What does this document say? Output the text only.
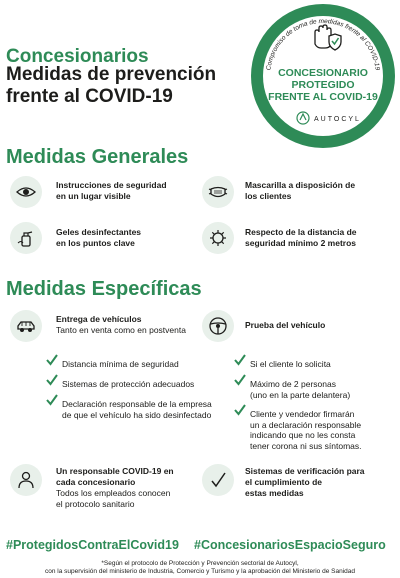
Concesionarios
Medidas de prevención
frente al COVID-19
Compromiso de toma de medidas frente al COVID-19
CONCESIONARIO
PROTEGIDO
FRENTE AL COVID-19
AUTOCYL
Medidas Generales
Instrucciones de seguridad
en un lugar visible
Mascarilla a disposición de
los clientes
Geles desinfectantes
en los puntos clave
Respecto de la distancia de
seguridad mínimo 2 metros
Medidas Específicas
Entrega de vehículos
Tanto en venta como en postventa	Prueba del vehículo
Distancia mínima de seguridad
Sistemas de protección adecuados
Declaración responsable de la empresa
de que el vehículo ha sido desinfectado
Si el cliente lo solicita
Máximo de 2 personas
(uno en la parte delantera)
Cliente y vendedor firmarán
un a declaración responsable
indicando que no les consta
tener corona ni sus síntomas.
Un responsable COVID-19 en
cada concesionario
Todos los empleados conocen
el protocolo sanitario
Sistemas de verificación para
el cumplimiento de
estas medidas
#ProtegidosContraElCovid19 #ConcesionariosEspacioSeguro
*Según el protocolo de Protección y Prevención sectorial de Autocyl,
con la supervisión del ministerio de Industria, Comercio y Turismo y la aprobación del Ministerio de Sanidad
